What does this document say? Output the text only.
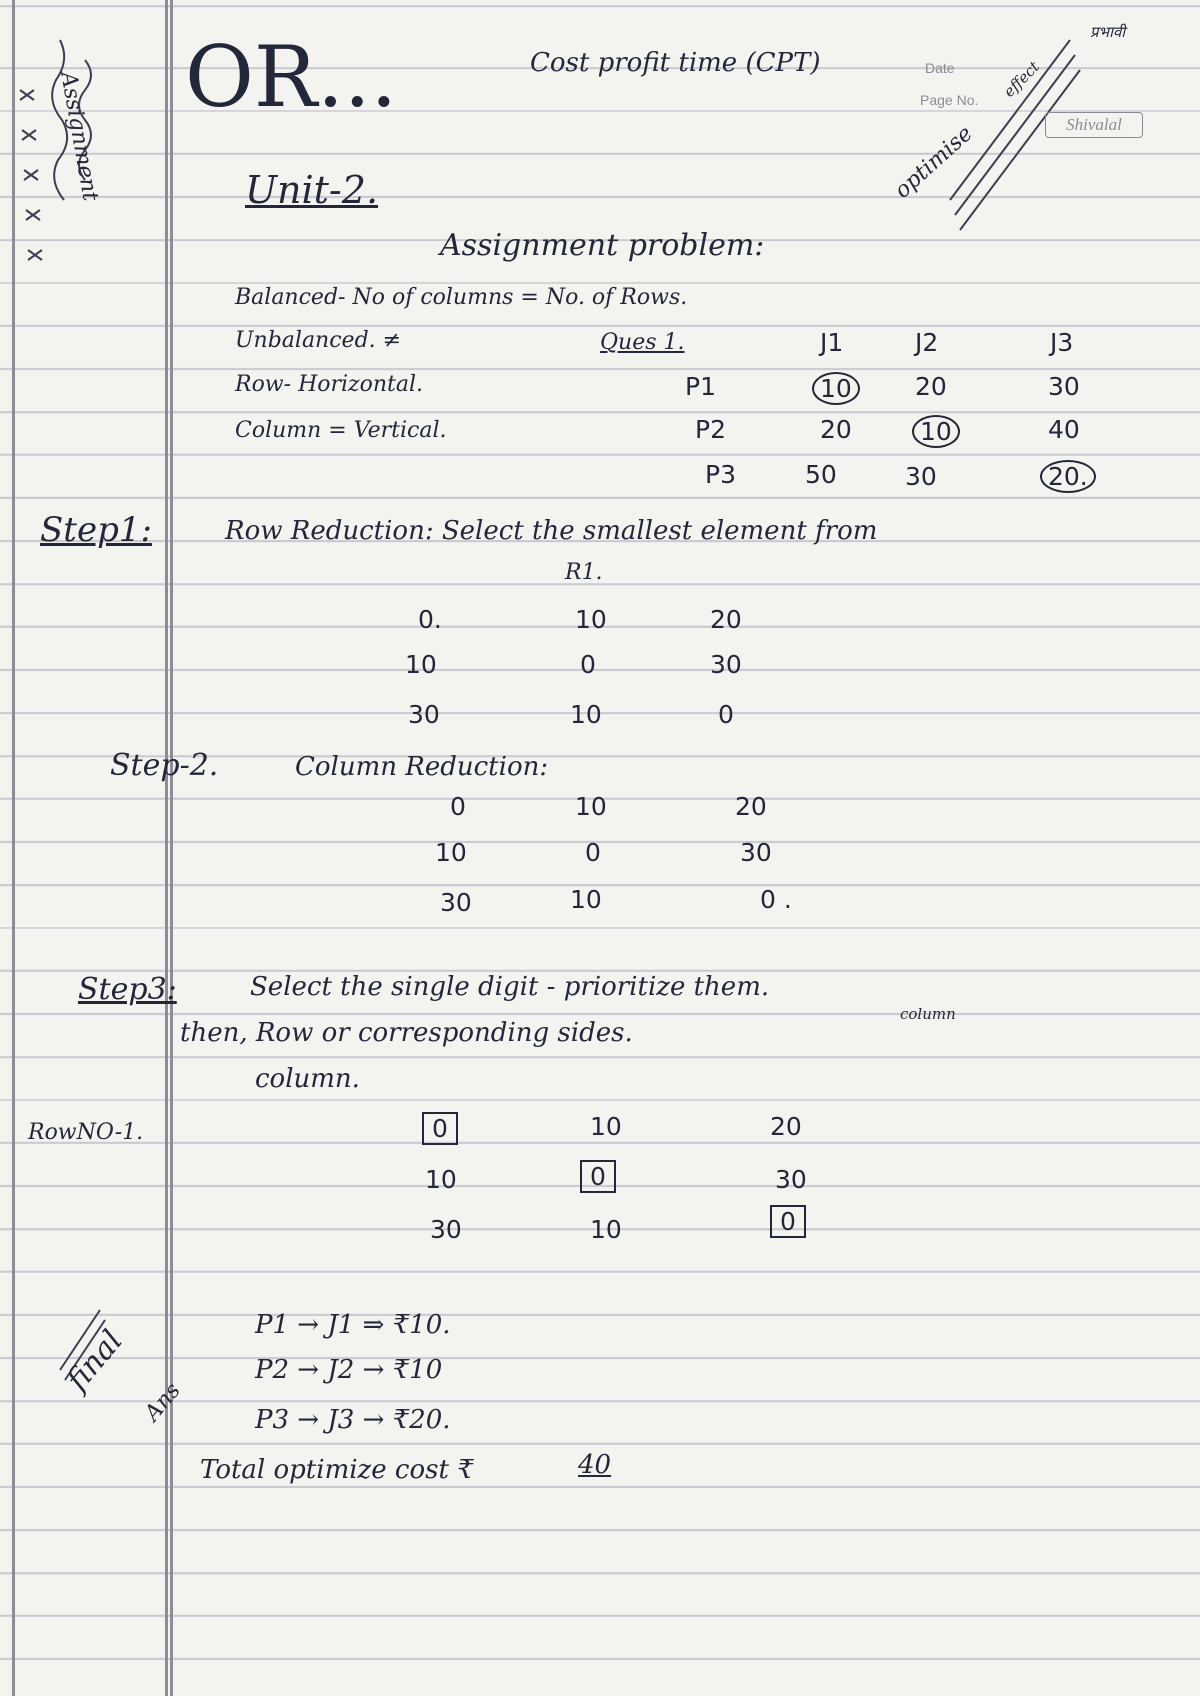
Assignment OR...	Cost profit time (CPT)	Date
Page No.
Shivalal
optimise
effect
प्रभावी
Unit-2.
Assignment problem:
Balanced- No of columns = No. of Rows.
Unbalanced. ≠
Row- Horizontal.
Column = Vertical.
Ques 1.	J1	J2	J3
P1	10	20	30
P2	20	10	40
P3	50	30	20.
Step1:	Row Reduction: Select the smallest element from
R1.
0.	10	20
10	0	30
30	10	0
Step-2.	Column Reduction:
0	10	20
10	0	30
30	10	0 .
Step3:	Select the single digit - prioritize them.
then, Row or corresponding sides.
column
column.
RowNO-1.	0	10	20
10	0	30
30	10	0
final
Ans
P1 → J1 ⇒ ₹10.
P2 → J2 → ₹10
P3 → J3 → ₹20.
Total optimize cost ₹	40
